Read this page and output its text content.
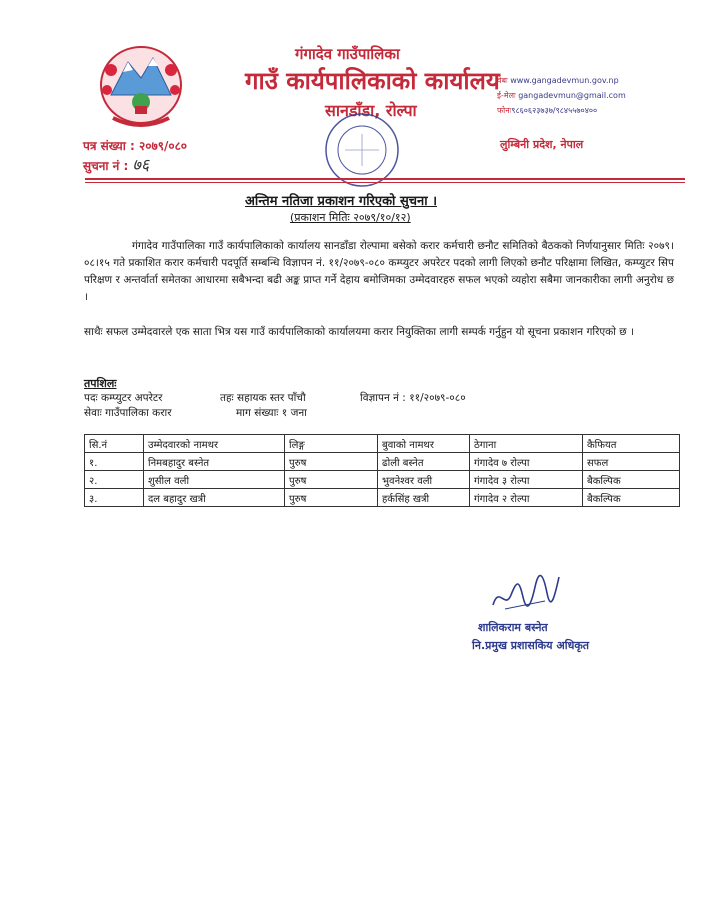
गंगादेव गाउँपालिका
गाउँ कार्यपालिकाको कार्यालय
सानडाँडा, रोल्पा
वेबः www.gangadevmun.gov.np
ई-मेलः gangadevmun@gmail.com
फोनः९८६०६२३७३७/९८४५५७०४००
पत्र संख्या : २०७९/०८०
सुचना नं : ७६
लुम्बिनी प्रदेश, नेपाल
अन्तिम नतिजा प्रकाशन गरिएको सुचना ।
(प्रकाशन मितिः २०७९/१०/१२)
गंगादेव गाउँपालिका गाउँ कार्यपालिकाको कार्यालय सानडाँडा रोल्पामा बसेको करार कर्मचारी छनौट समितिको बैठकको निर्णयानुसार मितिः २०७९।०८।१५ गते प्रकाशित करार कर्मचारी पदपूर्ति सम्बन्धि विज्ञापन नं. ११/२०७९-०८० कम्प्युटर अपरेटर पदको लागी लिएको छनौट परिक्षामा लिखित, कम्प्युटर सिप परिक्षण र अन्तर्वार्ता समेतका आधारमा सबैभन्दा बढी अङ्क प्राप्त गर्ने देहाय बमोजिमका उम्मेदवारहरु सफल भएको व्यहोरा सबैमा जानकारीका लागी अनुरोध छ ।
साथैः सफल उम्मेदवारले एक साता भित्र यस गाउँ कार्यपालिकाको कार्यालयमा करार नियुक्तिका लागी सम्पर्क गर्नुहुन यो सूचना प्रकाशन गरिएको छ ।
तपशिलः
पदः कम्प्युटर अपरेटर	तहः सहायक स्तर पाँचौ	विज्ञापन नं : ११/२०७९-०८०
सेवाः गाउँपालिका करार	माग संख्याः १ जना
सि.नं	उम्मेदवारको नामथर	लिङ्ग	बुवाको नामथर	ठेगाना	कैफियत
१.	निमबहादुर बस्नेत	पुरुष	ढोली बस्नेत	गंगादेव ७ रोल्पा	सफल
२.	शुसील वली	पुरुष	भुवनेश्वर वली	गंगादेव ३ रोल्पा	बैकल्पिक
३.	दल बहादुर खत्री	पुरुष	हर्कसिंह खत्री	गंगादेव २ रोल्पा	बैकल्पिक
शालिकराम बस्नेत
नि.प्रमुख प्रशासकिय अधिकृत
